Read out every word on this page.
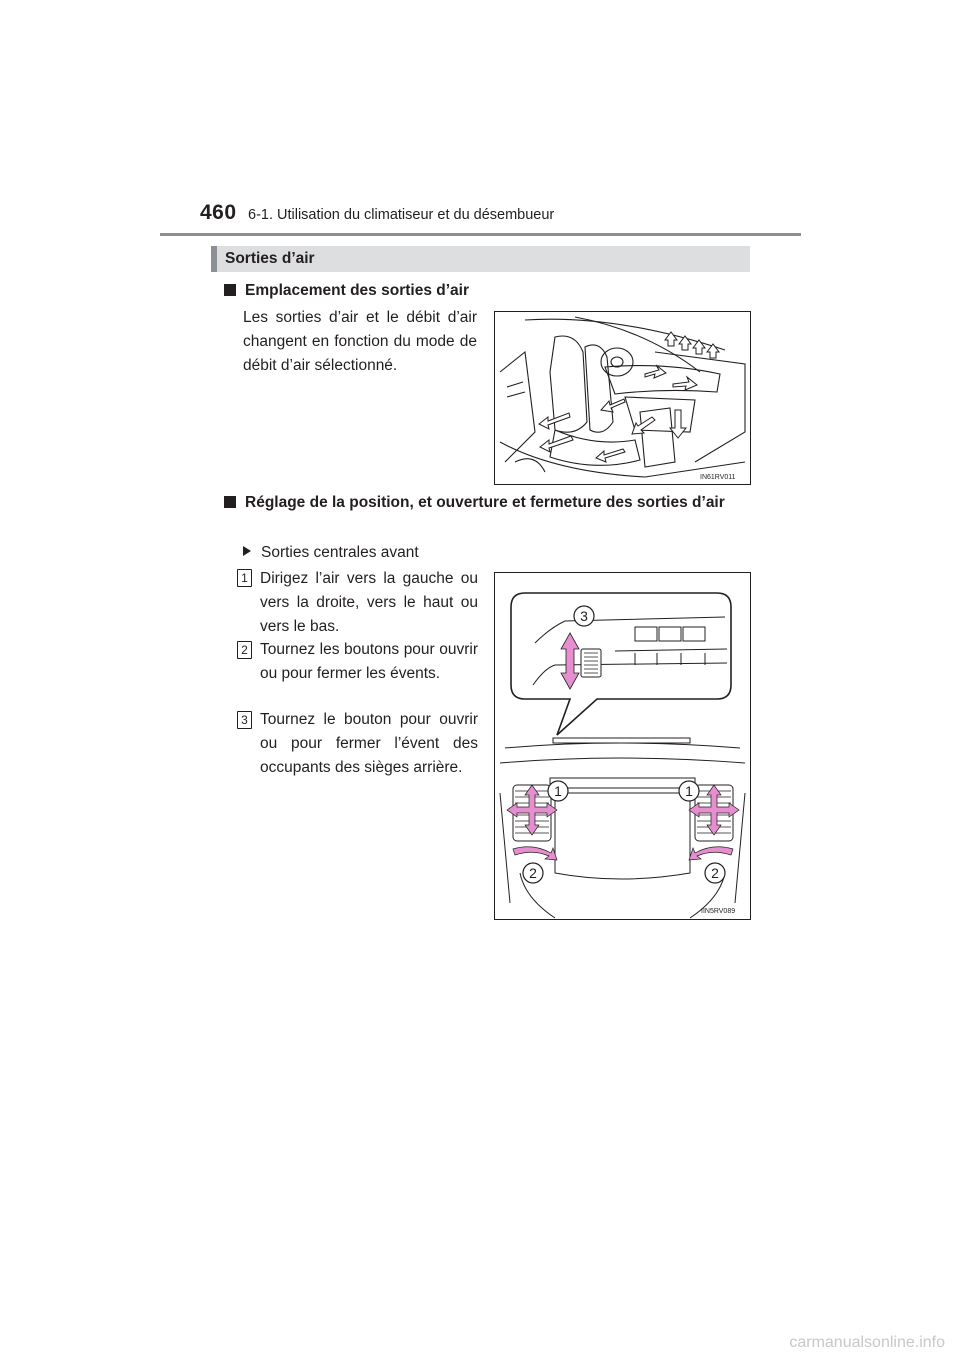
460 6-1. Utilisation du climatiseur et du désembueur
Sorties d’air
Emplacement des sorties d’air
Les sorties d’air et le débit d’air changent en fonction du mode de débit d’air sélectionné.
IN61RV011
Réglage de la position, et ouverture et fermeture des sorties d’air
Sorties centrales avant
1 Dirigez l’air vers la gauche ou vers la droite, vers le haut ou vers le bas.
2 Tournez les boutons pour ouvrir ou pour fermer les évents.
3 Tournez le bouton pour ouvrir ou pour fermer l’évent des occupants des sièges arrière.
3
1	1
2	2
IIN5RV089
carmanualsonline.info
